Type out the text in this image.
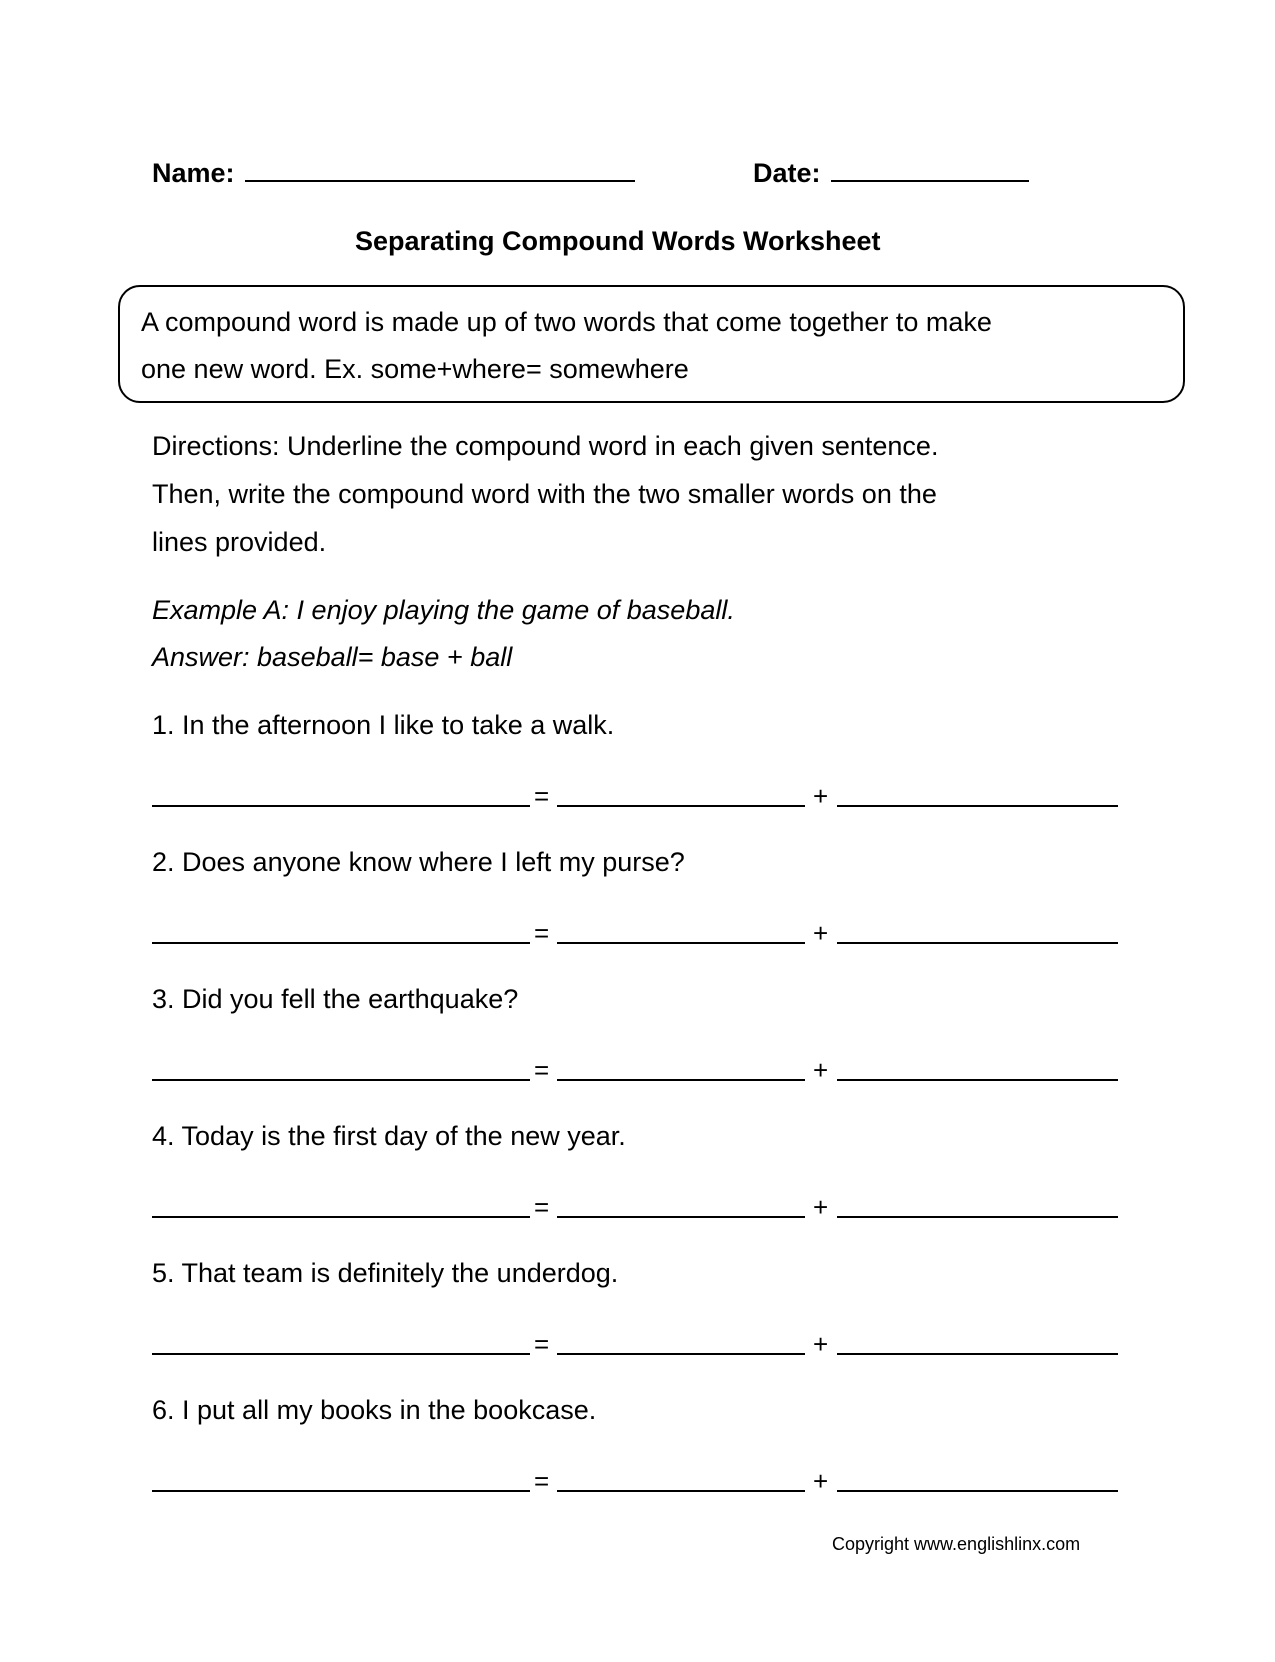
Name:	Date:
Separating Compound Words Worksheet
A compound word is made up of two words that come together to make
one new word. Ex. some+where= somewhere
Directions: Underline the compound word in each given sentence.
Then, write the compound word with the two smaller words on the
lines provided.
Example A: I enjoy playing the game of baseball.
Answer: baseball= base + ball
1. In the afternoon I like to take a walk.
=	+
2. Does anyone know where I left my purse?
=	+
3. Did you fell the earthquake?
=	+
4. Today is the first day of the new year.
=	+
5. That team is definitely the underdog.
=	+
6. I put all my books in the bookcase.
=	+
Copyright www.englishlinx.com
